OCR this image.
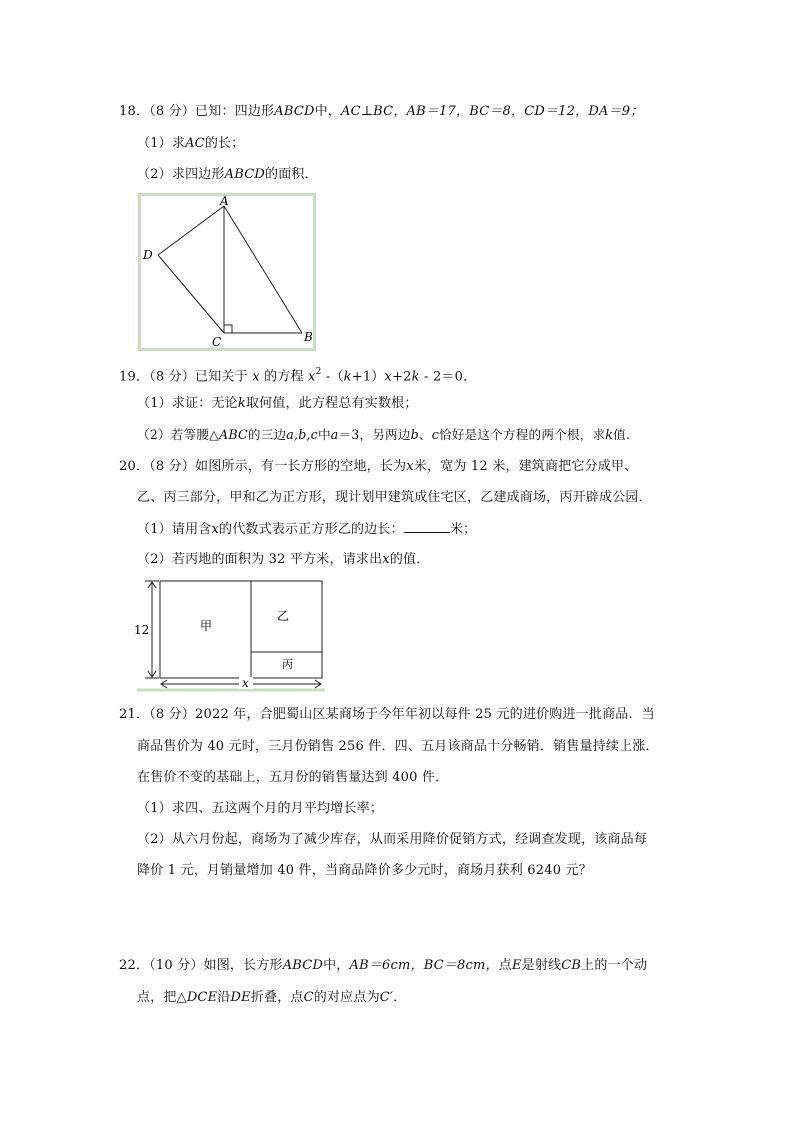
18．（8 分）已知：四边形ABCD中，AC⊥BC，AB＝17，BC＝8，CD＝12，DA＝9；
（1）求AC的长；
（2）求四边形ABCD的面积．
A
D
C	B
19．（8 分）已知关于 x 的方程 $x^2$ -（k+1）x+2k - 2＝0．
（1）求证：无论k取何值，此方程总有实数根；
（2）若等腰△ABC的三边a,b,c中a＝3，另两边b、c恰好是这个方程的两个根，求k值.
20．（8 分）如图所示，有一长方形的空地，长为x米，宽为 12 米，建筑商把它分成甲、
乙、丙三部分，甲和乙为正方形，现计划甲建筑成住宅区，乙建成商场，丙开辟成公园．
（1）请用含x的代数式表示正方形乙的边长：	米；
（2）若丙地的面积为 32 平方米，请求出x的值．
甲
乙
丙
12
x
21．（8 分）2022 年，合肥蜀山区某商场于今年年初以每件 25 元的进价购进一批商品．当
商品售价为 40 元时，三月份销售 256 件．四、五月该商品十分畅销．销售量持续上涨．
在售价不变的基础上，五月份的销售量达到 400 件．
（1）求四、五这两个月的月平均增长率；
（2）从六月份起，商场为了减少库存，从而采用降价促销方式，经调查发现，该商品每
降价 1 元，月销量增加 40 件，当商品降价多少元时，商场月获利 6240 元？
22．（10 分）如图，长方形ABCD中，AB＝6cm，BC＝8cm，点E是射线CB上的一个动
点，把△DCE沿DE折叠，点C的对应点为C′．
